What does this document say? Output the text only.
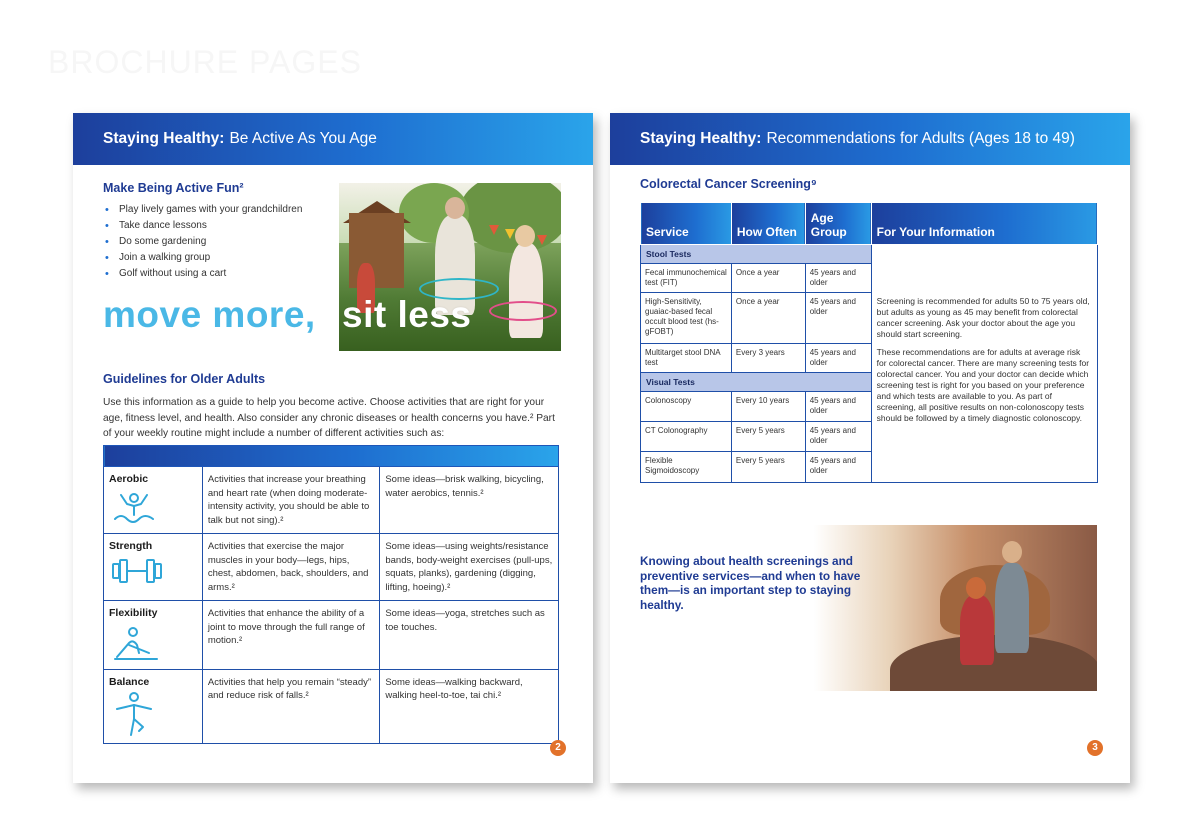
BROCHURE PAGES
Staying Healthy: Be Active As You Age
Make Being Active Fun²
• Play lively games with your grandchildren
• Take dance lessons
• Do some gardening
• Join a walking group
• Golf without using a cart
move more, sit less
Guidelines for Older Adults
Use this information as a guide to help you become active. Choose activities that are right for your age, fitness level, and health. Also consider any chronic diseases or health concerns you have.² Part of your weekly routine might include a number of different activities such as:

Aerobic	Activities that increase your breathing and heart rate (when doing moderate-intensity activity, you should be able to talk but not sing).²	Some ideas—brisk walking, bicycling, water aerobics, tennis.²

Strength	Activities that exercise the major muscles in your body—legs, hips, chest, abdomen, back, shoulders, and arms.²	Some ideas—using weights/resistance bands, body-weight exercises (pull-ups, squats, planks), gardening (digging, lifting, hoeing).²

Flexibility	Activities that enhance the ability of a joint to move through the full range of motion.²	Some ideas—yoga, stretches such as toe touches.

Balance	Activities that help you remain “steady” and reduce risk of falls.²	Some ideas—walking backward, walking heel-to-toe, tai chi.²
2
Staying Healthy: Recommendations for Adults (Ages 18 to 49)
Colorectal Cancer Screening⁹
Service	How Often	Age Group	For Your Information
Stool Tests			Screening is recommended for adults 50 to 75 years old, but adults as young as 45 may benefit from colorectal cancer screening. Ask your doctor about the age you should start screening.

These recommendations are for adults at average risk for colorectal cancer. There are many screening tests for colorectal cancer. You and your doctor can decide which screening test is right for you based on your preference and which tests are available to you. As part of screening, all positive results on non-colonoscopy tests should be followed by a timely diagnostic colonoscopy.

Fecal immunochemical test (FIT)	Once a year	45 years and older	
High-Sensitivity, guaiac-based fecal occult blood test (hs-gFOBT)	Once a year	45 years and older	
Multitarget stool DNA test	Every 3 years	45 years and older	
Visual Tests			
Colonoscopy	Every 10 years	45 years and older	
CT Colonography	Every 5 years	45 years and older	
Flexible Sigmoidoscopy	Every 5 years	45 years and older	
Knowing about health screenings and preventive services—and when to have them—is an important step to staying healthy.
3
